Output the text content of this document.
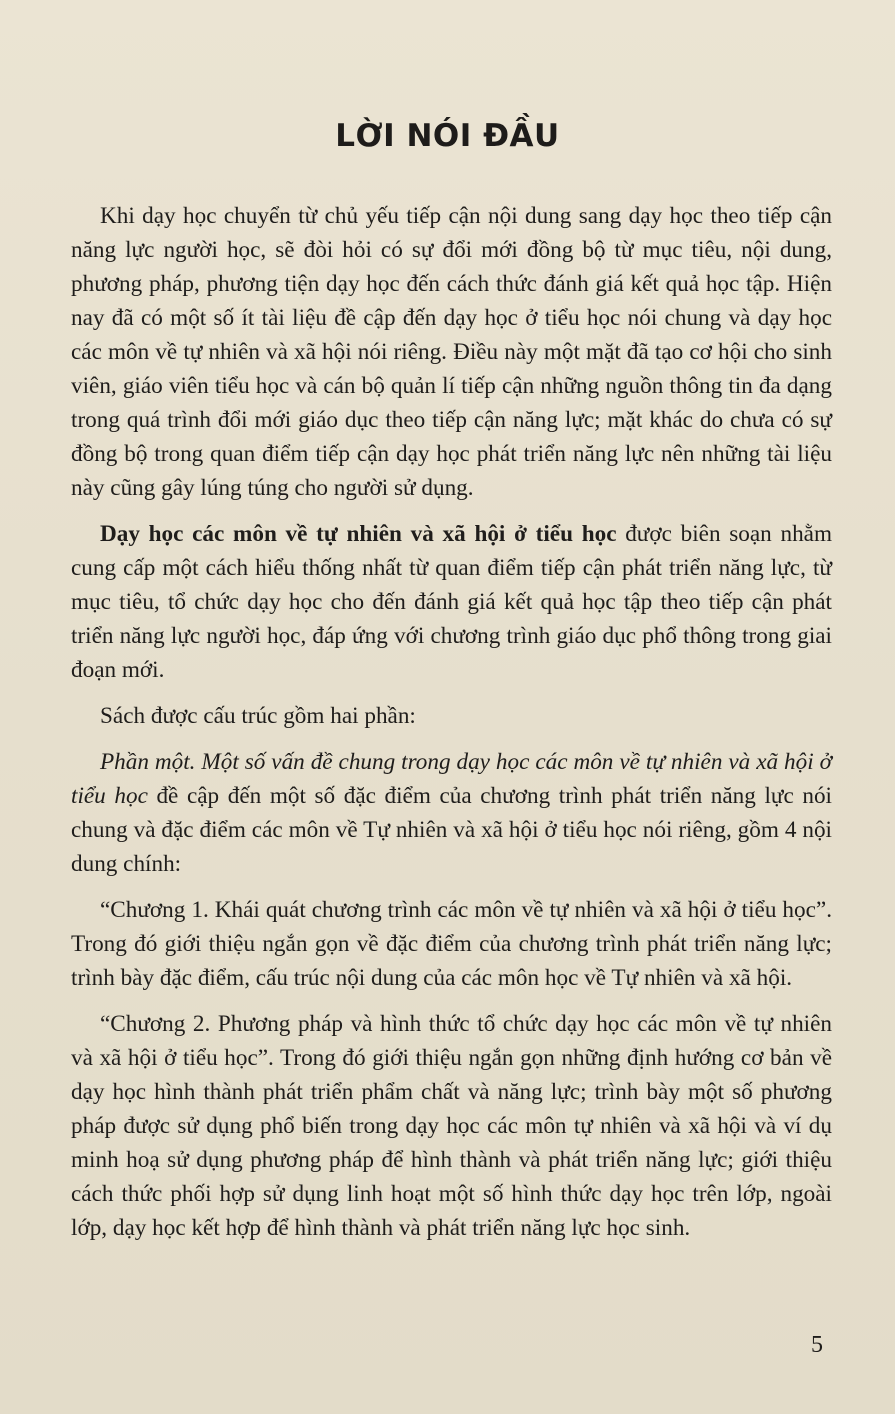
LỜI NÓI ĐẦU

Khi dạy học chuyển từ chủ yếu tiếp cận nội dung sang dạy học theo tiếp cận năng lực người học, sẽ đòi hỏi có sự đổi mới đồng bộ từ mục tiêu, nội dung, phương pháp, phương tiện dạy học đến cách thức đánh giá kết quả học tập. Hiện nay đã có một số ít tài liệu đề cập đến dạy học ở tiểu học nói chung và dạy học các môn về tự nhiên và xã hội nói riêng. Điều này một mặt đã tạo cơ hội cho sinh viên, giáo viên tiểu học và cán bộ quản lí tiếp cận những nguồn thông tin đa dạng trong quá trình đổi mới giáo dục theo tiếp cận năng lực; mặt khác do chưa có sự đồng bộ trong quan điểm tiếp cận dạy học phát triển năng lực nên những tài liệu này cũng gây lúng túng cho người sử dụng.

Dạy học các môn về tự nhiên và xã hội ở tiểu học được biên soạn nhằm cung cấp một cách hiểu thống nhất từ quan điểm tiếp cận phát triển năng lực, từ mục tiêu, tổ chức dạy học cho đến đánh giá kết quả học tập theo tiếp cận phát triển năng lực người học, đáp ứng với chương trình giáo dục phổ thông trong giai đoạn mới.

Sách được cấu trúc gồm hai phần:

Phần một. Một số vấn đề chung trong dạy học các môn về tự nhiên và xã hội ở tiểu học đề cập đến một số đặc điểm của chương trình phát triển năng lực nói chung và đặc điểm các môn về Tự nhiên và xã hội ở tiểu học nói riêng, gồm 4 nội dung chính:

“Chương 1. Khái quát chương trình các môn về tự nhiên và xã hội ở tiểu học”. Trong đó giới thiệu ngắn gọn về đặc điểm của chương trình phát triển năng lực; trình bày đặc điểm, cấu trúc nội dung của các môn học về Tự nhiên và xã hội.

“Chương 2. Phương pháp và hình thức tổ chức dạy học các môn về tự nhiên và xã hội ở tiểu học”. Trong đó giới thiệu ngắn gọn những định hướng cơ bản về dạy học hình thành phát triển phẩm chất và năng lực; trình bày một số phương pháp được sử dụng phổ biến trong dạy học các môn tự nhiên và xã hội và ví dụ minh hoạ sử dụng phương pháp để hình thành và phát triển năng lực; giới thiệu cách thức phối hợp sử dụng linh hoạt một số hình thức dạy học trên lớp, ngoài lớp, dạy học kết hợp để hình thành và phát triển năng lực học sinh.

5
